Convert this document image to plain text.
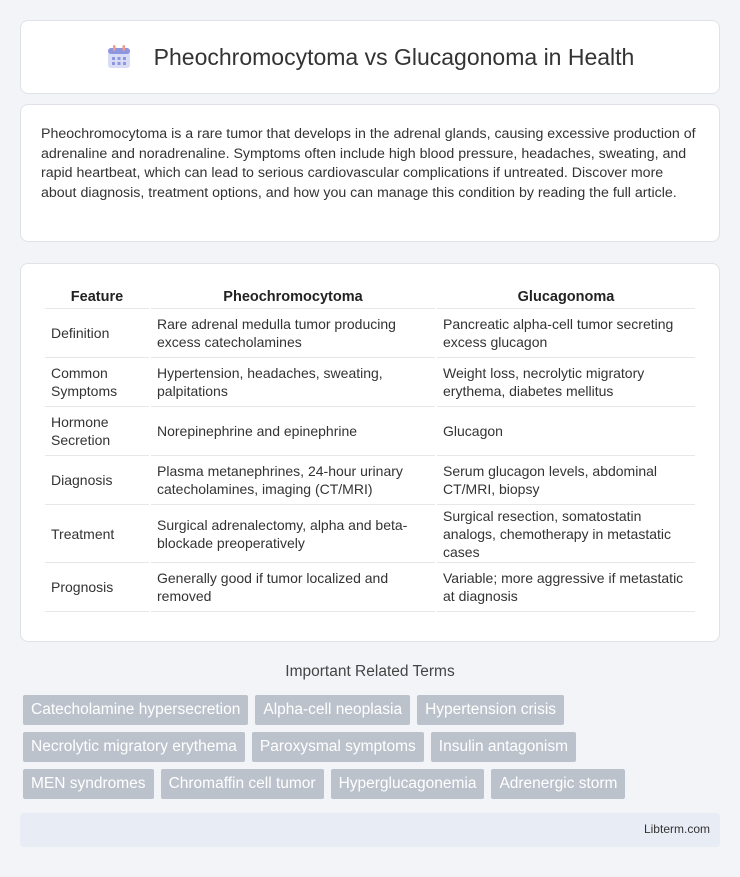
Pheochromocytoma vs Glucagonoma in Health

Pheochromocytoma is a rare tumor that develops in the adrenal glands, causing excessive production of adrenaline and noradrenaline. Symptoms often include high blood pressure, headaches, sweating, and rapid heartbeat, which can lead to serious cardiovascular complications if untreated. Discover more about diagnosis, treatment options, and how you can manage this condition by reading the full article.

Feature	Pheochromocytoma	Glucagonoma
Definition	Rare adrenal medulla tumor producing excess catecholamines	Pancreatic alpha-cell tumor secreting excess glucagon
Common Symptoms	Hypertension, headaches, sweating, palpitations	Weight loss, necrolytic migratory erythema, diabetes mellitus
Hormone Secretion	Norepinephrine and epinephrine	Glucagon
Diagnosis	Plasma metanephrines, 24-hour urinary catecholamines, imaging (CT/MRI)	Serum glucagon levels, abdominal CT/MRI, biopsy
Treatment	Surgical adrenalectomy, alpha and beta-blockade preoperatively	Surgical resection, somatostatin analogs, chemotherapy in metastatic cases
Prognosis	Generally good if tumor localized and removed	Variable; more aggressive if metastatic at diagnosis
Important Related Terms
Catecholamine hypersecretion	Alpha-cell neoplasia	Hypertension crisis
Necrolytic migratory erythema	Paroxysmal symptoms	Insulin antagonism
MEN syndromes	Chromaffin cell tumor	Hyperglucagonemia	Adrenergic storm
Libterm.com
